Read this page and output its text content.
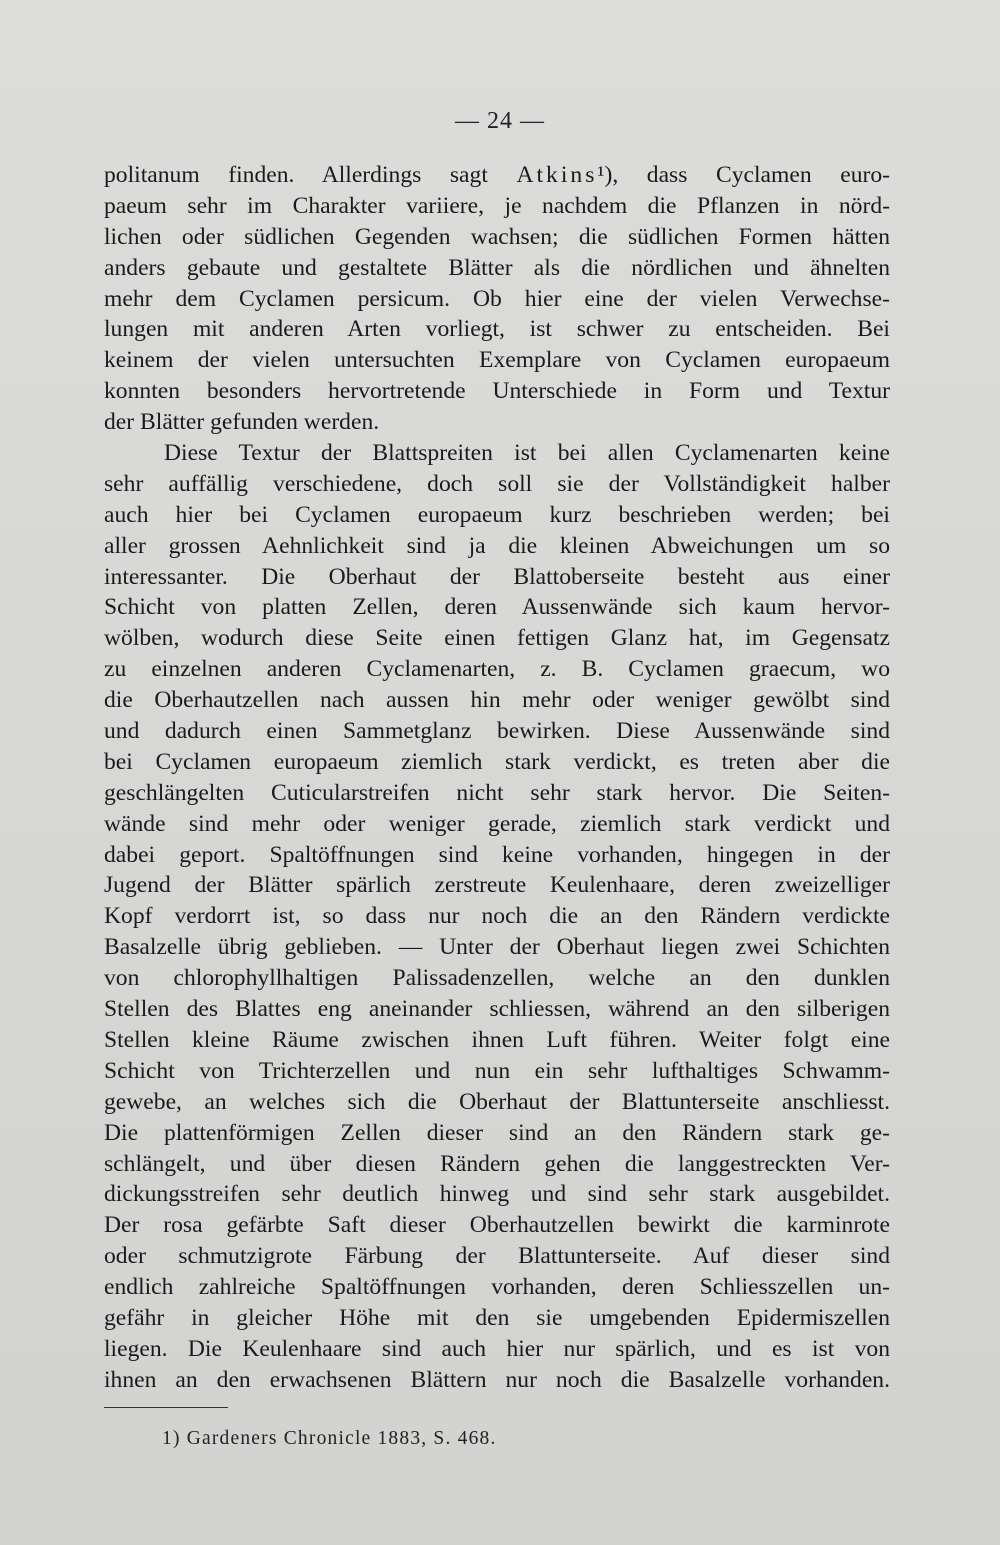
— 24 —
politanum finden. Allerdings sagt Atkins¹), dass Cyclamen euro-
paeum sehr im Charakter variiere, je nachdem die Pflanzen in nörd-
lichen oder südlichen Gegenden wachsen; die südlichen Formen hätten
anders gebaute und gestaltete Blätter als die nördlichen und ähnelten
mehr dem Cyclamen persicum. Ob hier eine der vielen Verwechse-
lungen mit anderen Arten vorliegt, ist schwer zu entscheiden. Bei
keinem der vielen untersuchten Exemplare von Cyclamen europaeum
konnten besonders hervortretende Unterschiede in Form und Textur
der Blätter gefunden werden.
Diese Textur der Blattspreiten ist bei allen Cyclamenarten keine
sehr auffällig verschiedene, doch soll sie der Vollständigkeit halber
auch hier bei Cyclamen europaeum kurz beschrieben werden; bei
aller grossen Aehnlichkeit sind ja die kleinen Abweichungen um so
interessanter. Die Oberhaut der Blattoberseite besteht aus einer
Schicht von platten Zellen, deren Aussenwände sich kaum hervor-
wölben, wodurch diese Seite einen fettigen Glanz hat, im Gegensatz
zu einzelnen anderen Cyclamenarten, z. B. Cyclamen graecum, wo
die Oberhautzellen nach aussen hin mehr oder weniger gewölbt sind
und dadurch einen Sammetglanz bewirken. Diese Aussenwände sind
bei Cyclamen europaeum ziemlich stark verdickt, es treten aber die
geschlängelten Cuticularstreifen nicht sehr stark hervor. Die Seiten-
wände sind mehr oder weniger gerade, ziemlich stark verdickt und
dabei geport. Spaltöffnungen sind keine vorhanden, hingegen in der
Jugend der Blätter spärlich zerstreute Keulenhaare, deren zweizelliger
Kopf verdorrt ist, so dass nur noch die an den Rändern verdickte
Basalzelle übrig geblieben. — Unter der Oberhaut liegen zwei Schichten
von chlorophyllhaltigen Palissadenzellen, welche an den dunklen
Stellen des Blattes eng aneinander schliessen, während an den silberigen
Stellen kleine Räume zwischen ihnen Luft führen. Weiter folgt eine
Schicht von Trichterzellen und nun ein sehr lufthaltiges Schwamm-
gewebe, an welches sich die Oberhaut der Blattunterseite anschliesst.
Die plattenförmigen Zellen dieser sind an den Rändern stark ge-
schlängelt, und über diesen Rändern gehen die langgestreckten Ver-
dickungsstreifen sehr deutlich hinweg und sind sehr stark ausgebildet.
Der rosa gefärbte Saft dieser Oberhautzellen bewirkt die karminrote
oder schmutzigrote Färbung der Blattunterseite. Auf dieser sind
endlich zahlreiche Spaltöffnungen vorhanden, deren Schliesszellen un-
gefähr in gleicher Höhe mit den sie umgebenden Epidermiszellen
liegen. Die Keulenhaare sind auch hier nur spärlich, und es ist von
ihnen an den erwachsenen Blättern nur noch die Basalzelle vorhanden.
1) Gardeners Chronicle 1883, S. 468.
